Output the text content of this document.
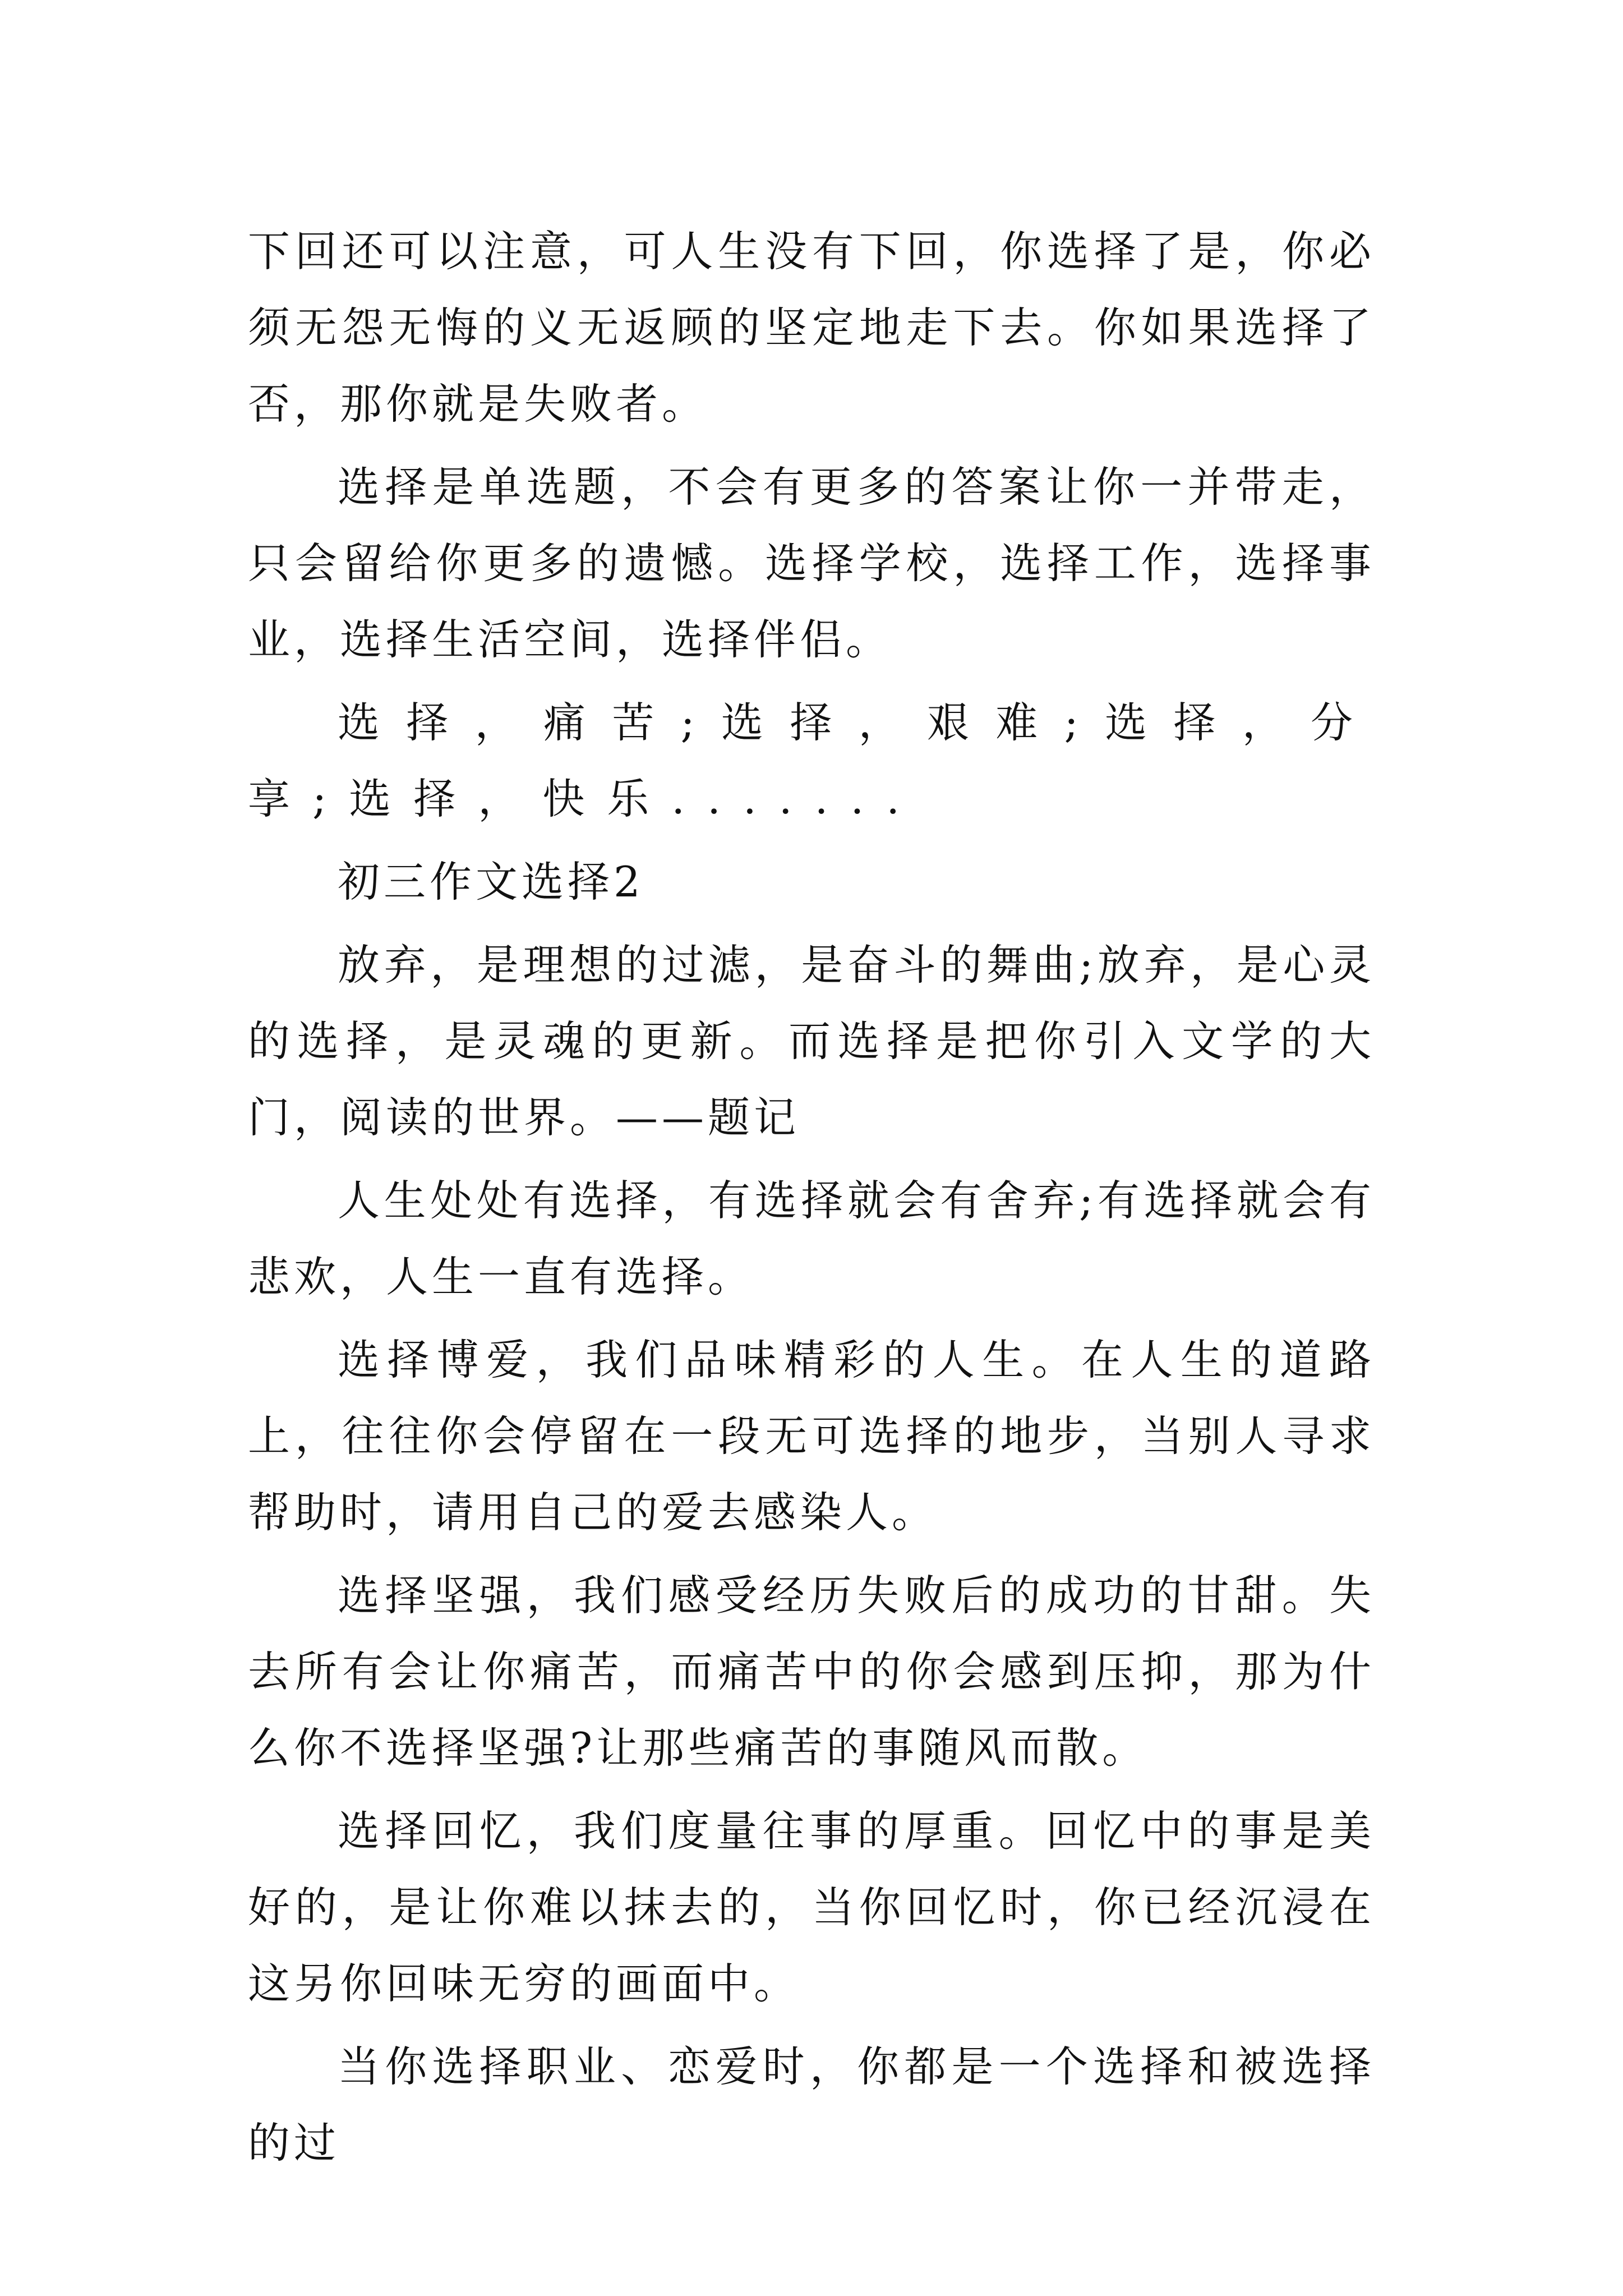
下回还可以注意，可人生没有下回，你选择了是，你必须无怨无悔的义无返顾的坚定地走下去。你如果选择了否，那你就是失败者。

选择是单选题，不会有更多的答案让你一并带走，只会留给你更多的遗憾。选择学校，选择工作，选择事业，选择生活空间，选择伴侣。

选择，痛苦;选择，艰难;选择，分享;选择，快乐.......

初三作文选择2

放弃，是理想的过滤，是奋斗的舞曲;放弃，是心灵的选择，是灵魂的更新。而选择是把你引入文学的大门，阅读的世界。——题记

人生处处有选择，有选择就会有舍弃;有选择就会有悲欢，人生一直有选择。

选择博爱，我们品味精彩的人生。在人生的道路上，往往你会停留在一段无可选择的地步，当别人寻求帮助时，请用自己的爱去感染人。

选择坚强，我们感受经历失败后的成功的甘甜。失去所有会让你痛苦，而痛苦中的你会感到压抑，那为什么你不选择坚强?让那些痛苦的事随风而散。

选择回忆，我们度量往事的厚重。回忆中的事是美好的，是让你难以抹去的，当你回忆时，你已经沉浸在这另你回味无穷的画面中。

当你选择职业、恋爱时，你都是一个选择和被选择的过
